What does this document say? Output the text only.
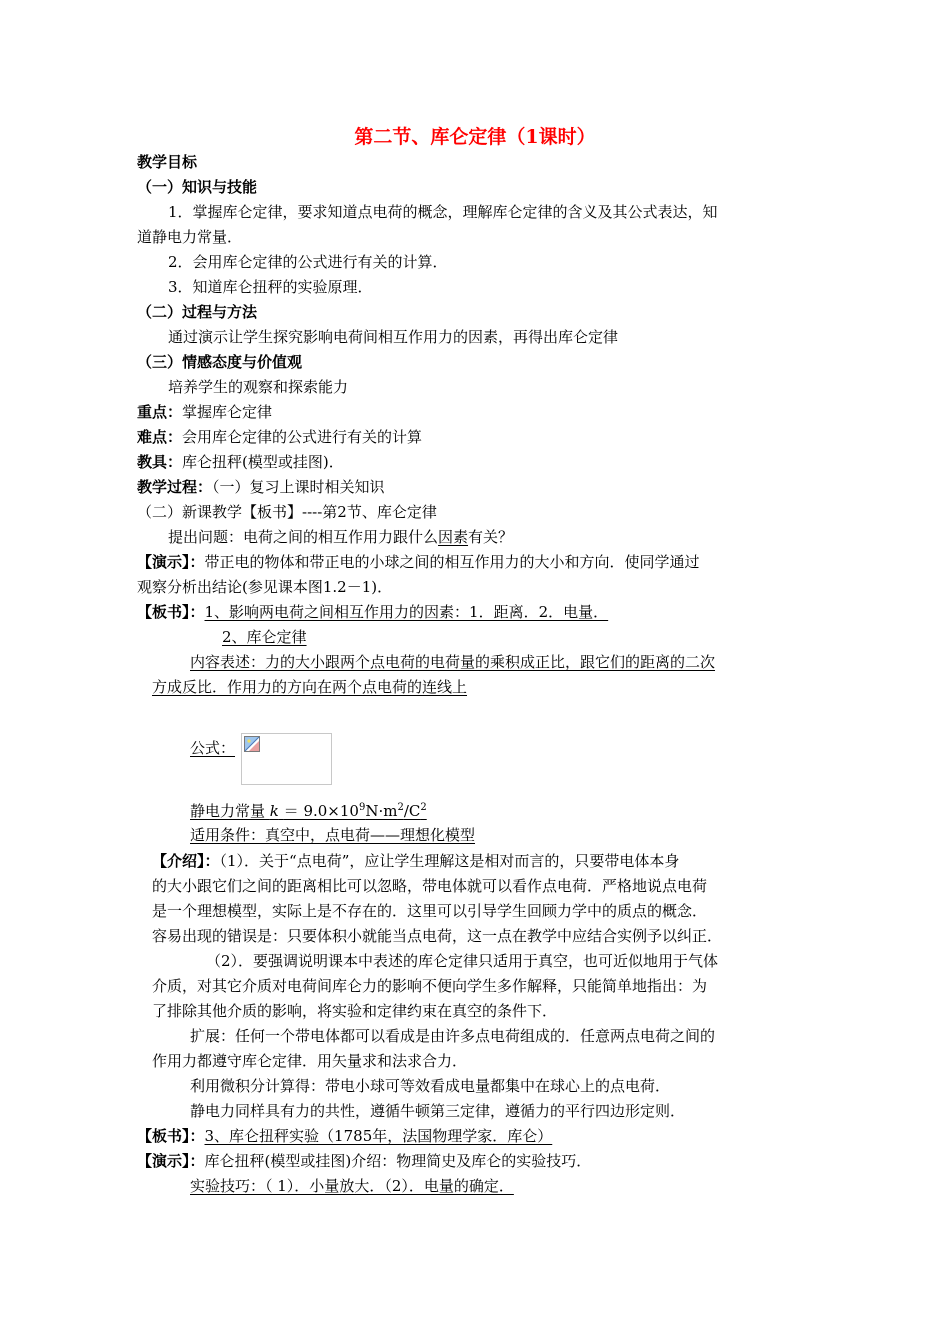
第二节、库仑定律（1课时）
教学目标
（一）知识与技能
1．掌握库仑定律，要求知道点电荷的概念，理解库仑定律的含义及其公式表达，知
道静电力常量．
2．会用库仑定律的公式进行有关的计算．
3．知道库仑扭秤的实验原理．
（二）过程与方法
通过演示让学生探究影响电荷间相互作用力的因素，再得出库仑定律
（三）情感态度与价值观
培养学生的观察和探索能力
重点：掌握库仑定律
难点：会用库仑定律的公式进行有关的计算
教具：库仑扭秤(模型或挂图)．
教学过程：（一）复习上课时相关知识
（二）新课教学【板书】----第2节、库仑定律
提出问题：电荷之间的相互作用力跟什么因素有关？
【演示】：带正电的物体和带正电的小球之间的相互作用力的大小和方向．使同学通过
观察分析出结论(参见课本图1.2－1)．
【板书】：1、影响两电荷之间相互作用力的因素：1．距离．2．电量．
2、库仑定律
内容表述：力的大小跟两个点电荷的电荷量的乘积成正比，跟它们的距离的二次
方成反比．作用力的方向在两个点电荷的连线上
公式：
静电力常量 $k = 9.0\times 10^9N\cdot m^2/C^2$
适用条件：真空中，点电荷——理想化模型
【介绍】：（1）．关于“点电荷”，应让学生理解这是相对而言的，只要带电体本身
的大小跟它们之间的距离相比可以忽略，带电体就可以看作点电荷．严格地说点电荷
是一个理想模型，实际上是不存在的．这里可以引导学生回顾力学中的质点的概念．
容易出现的错误是：只要体积小就能当点电荷，这一点在教学中应结合实例予以纠正．
（2）．要强调说明课本中表述的库仑定律只适用于真空，也可近似地用于气体
介质，对其它介质对电荷间库仑力的影响不便向学生多作解释，只能简单地指出：为
了排除其他介质的影响，将实验和定律约束在真空的条件下．
扩展：任何一个带电体都可以看成是由许多点电荷组成的．任意两点电荷之间的
作用力都遵守库仑定律．用矢量求和法求合力．
利用微积分计算得：带电小球可等效看成电量都集中在球心上的点电荷．
静电力同样具有力的共性，遵循牛顿第三定律，遵循力的平行四边形定则．
【板书】：3、库仑扭秤实验（1785年，法国物理学家．库仑）
【演示】：库仑扭秤(模型或挂图)介绍：物理简史及库仑的实验技巧．
实验技巧：（ 1）．小量放大．（2）．电量的确定．
